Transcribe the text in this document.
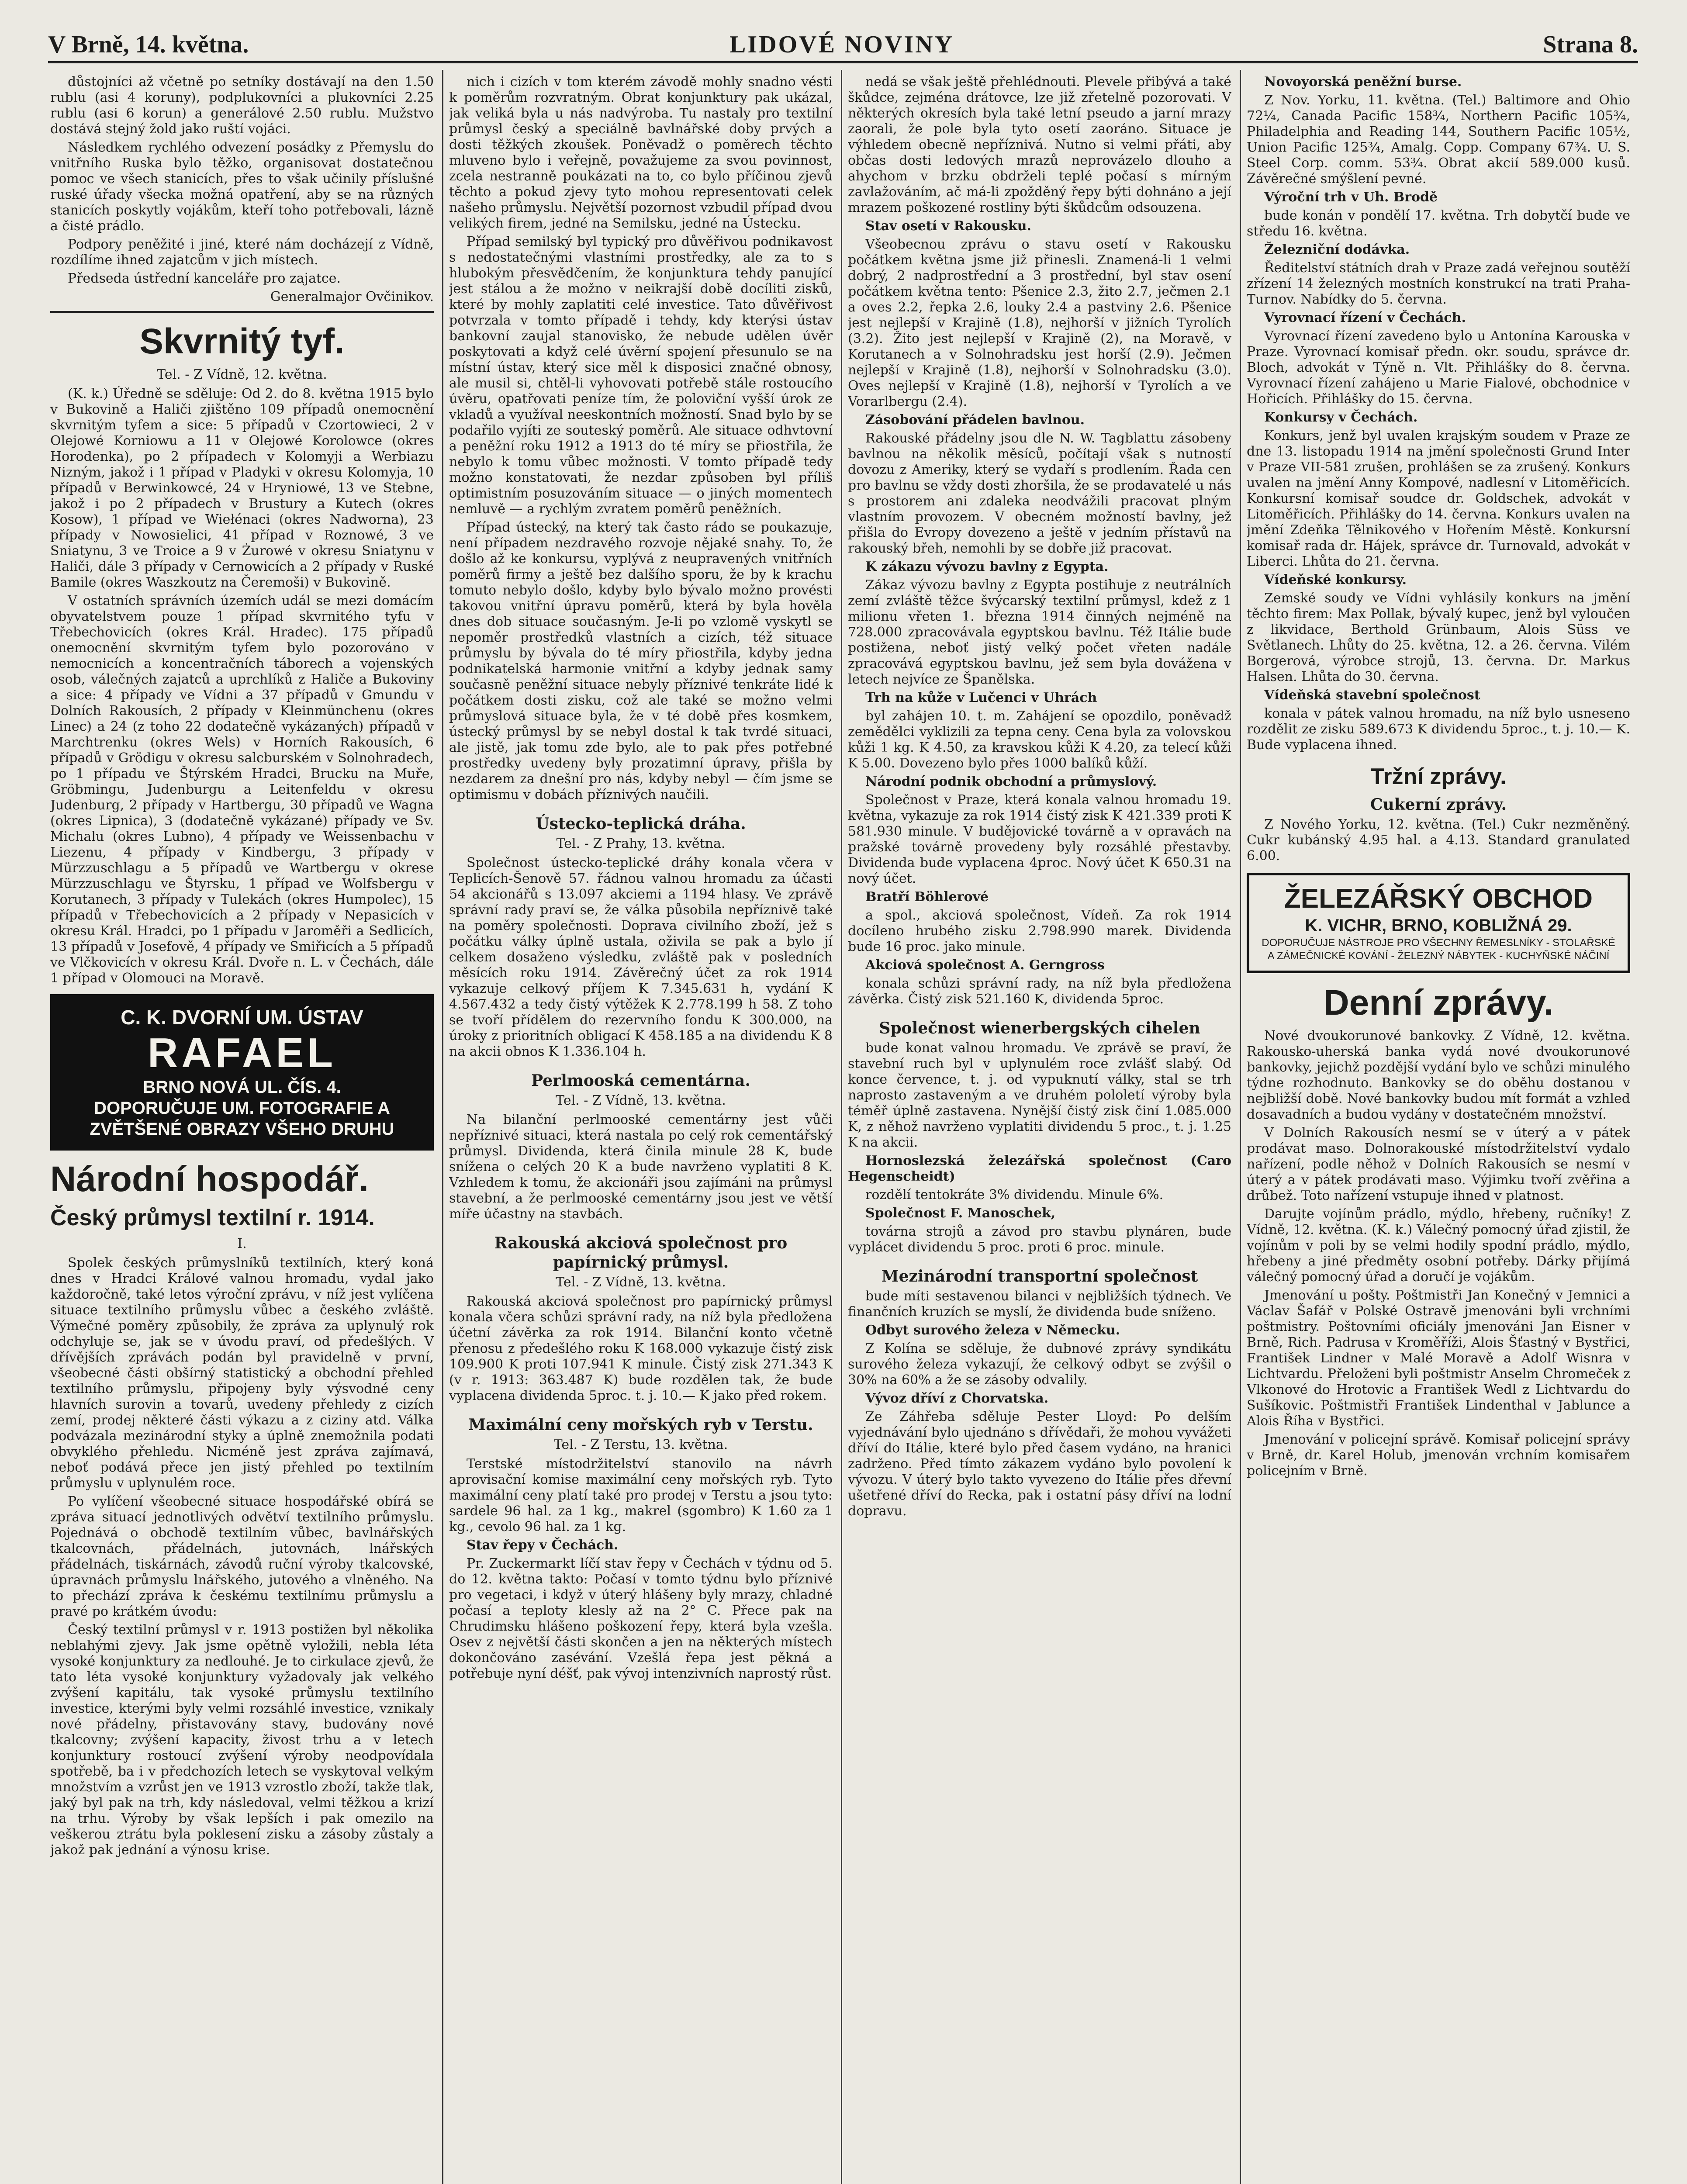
V Brně, 14. května.	LIDOVÉ NOVINY	Strana 8.

důstojníci až včetně po setníky dostávají na den 1.50 rublu (asi 4 koruny), podplukovníci a plukovníci 2.25 rublu (asi 6 korun) a generálové 2.50 rublu. Mužstvo dostává stejný žold jako ruští vojáci.

Následkem rychlého odvezení posádky z Přemyslu do vnitřního Ruska bylo těžko, organisovat dostatečnou pomoc ve všech stanicích, přes to však učinily příslušné ruské úřady všecka možná opatření, aby se na různých stanicích poskytly vojákům, kteří toho potřebovali, lázně a čisté prádlo.

Podpory peněžité i jiné, které nám docházejí z Vídně, rozdílíme ihned zajatcům v jich místech.

Předseda ústřední kanceláře pro zajatce.

Generalmajor Ovčinikov.

Skvrnitý tyf.
Tel. - Z Vídně, 12. května.

(K. k.) Úředně se sděluje: Od 2. do 8. května 1915 bylo v Bukovině a Haliči zjištěno 109 případů onemocnění skvrnitým tyfem a sice: 5 případů v Czortowieci, 2 v Olejowé Korniowu a 11 v Olejowé Korolowce (okres Horodenka), po 2 případech v Kolomyji a Werbiazu Nizným, jakož i 1 případ v Pladyki v okresu Kolomyja, 10 případů v Berwinkowcé, 24 v Hryniowé, 13 ve Stebne, jakož i po 2 případech v Brustury a Kutech (okres Kosow), 1 případ ve Wiełénaci (okres Nadworna), 23 případy v Nowosielici, 41 případ v Roznowé, 3 ve Sniatynu, 3 ve Troice a 9 v Żurowé v okresu Sniatynu v Haliči, dále 3 případy v Cernowicích a 2 případy v Ruské Bamile (okres Waszkoutz na Čeremoši) v Bukovině.

V ostatních správních územích udál se mezi domácím obyvatelstvem pouze 1 případ skvrnitého tyfu v Třebechovicích (okres Král. Hradec). 175 případů onemocnění skvrnitým tyfem bylo pozorováno v nemocnicích a koncentračních táborech a vojenských osob, válečných zajatců a uprchlíků z Haliče a Bukoviny a sice: 4 případy ve Vídni a 37 případů v Gmundu v Dolních Rakousích, 2 případy v Kleinmünchenu (okres Linec) a 24 (z toho 22 dodatečně vykázaných) případů v Marchtrenku (okres Wels) v Horních Rakousích, 6 případů v Grödigu v okresu salcburském v Solnohradech, po 1 případu ve Štýrském Hradci, Brucku na Muře, Gröbmingu, Judenburgu a Leitenfeldu v okresu Judenburg, 2 případy v Hartbergu, 30 případů ve Wagna (okres Lipnica), 3 (dodatečně vykázané) případy ve Sv. Michalu (okres Lubno), 4 případy ve Weissenbachu v Liezenu, 4 případy v Kindbergu, 3 případy v Mürzzuschlagu a 5 případů ve Wartbergu v okrese Mürzzuschlagu ve Štyrsku, 1 případ ve Wolfsbergu v Korutanech, 3 případy v Tulekách (okres Humpolec), 15 případů v Třebechovicích a 2 případy v Nepasicích v okresu Král. Hradci, po 1 případu v Jaroměři a Sedlicích, 13 případů v Josefově, 4 případy ve Smiřicích a 5 případů ve Vlčkovicích v okresu Král. Dvoře n. L. v Čechách, dále 1 případ v Olomouci na Moravě.

C. K. DVORNÍ UM. ÚSTAV
RAFAEL
BRNO NOVÁ UL. ČÍS. 4.
DOPORUČUJE UM. FOTOGRAFIE A ZVĚTŠENÉ OBRAZY VŠEHO DRUHU
Národní hospodář.
Český průmysl textilní r. 1914.
I.

Spolek českých průmyslníků textilních, který koná dnes v Hradci Králové valnou hromadu, vydal jako každoročně, také letos výroční zprávu, v níž jest vylíčena situace textilního průmyslu vůbec a českého zvláště. Výmečné poměry způsobily, že zpráva za uplynulý rok odchyluje se, jak se v úvodu praví, od předešlých. V dřívějších zprávách podán byl pravidelně v první, všeobecné části obšírný statistický a obchodní přehled textilního průmyslu, připojeny byly výsvodné ceny hlavních surovin a tovarů, uvedeny přehledy z cizích zemí, prodej některé části výkazu a z ciziny atd. Válka podvázala mezinárodní styky a úplně znemožnila podati obvyklého přehledu. Nicméně jest zpráva zajímavá, neboť podává přece jen jistý přehled po textilním průmyslu v uplynulém roce.

Po vylíčení všeobecné situace hospodářské obírá se zpráva situací jednotlivých odvětví textilního průmyslu. Pojednává o obchodě textilním vůbec, bavlnářských tkalcovnách, přádelnách, jutovnách, lnářských přádelnách, tiskárnách, závodů ruční výroby tkalcovské, úpravnách průmyslu lnářského, jutového a vlněného. Na to přechází zpráva k českému textilnímu průmyslu a pravé po krátkém úvodu:

Český textilní průmysl v r. 1913 postižen byl několika neblahými zjevy. Jak jsme opětně vyložili, nebla léta vysoké konjunktury za nedlouhé. Je to cirkulace zjevů, že tato léta vysoké konjunktury vyžadovaly jak velkého zvýšení kapitálu, tak vysoké průmyslu textilního investice, kterými byly velmi rozsáhlé investice, vznikaly nové přádelny, přistavovány stavy, budovány nové tkalcovny; zvýšení kapacity, živost trhu a v letech konjunktury rostoucí zvýšení výroby neodpovídala spotřebě, ba i v předchozích letech se vyskytoval velkým množstvím a vzrůst jen ve 1913 vzrostlo zboží, takže tlak, jaký byl pak na trh, kdy následoval, velmi těžkou a krizí na trhu. Výroby by však lepších i pak omezilo na veškerou ztrátu byla poklesení zisku a zásoby zůstaly a jakož pak jednání a výnosu krise.

nich i cizích v tom kterém závodě mohly snadno vésti k poměrům rozvratným. Obrat konjunktury pak ukázal, jak veliká byla u nás nadvýroba. Tu nastaly pro textilní průmysl český a speciálně bavlnářské doby prvých a dosti těžkých zkoušek. Poněvadž o poměrech těchto mluveno bylo i veřejně, považujeme za svou povinnost, zcela nestranně poukázati na to, co bylo příčinou zjevů těchto a pokud zjevy tyto mohou representovati celek našeho průmyslu. Největší pozornost vzbudil případ dvou velikých firem, jedné na Semilsku, jedné na Ústecku.

Případ semilský byl typický pro důvěřivou podnikavost s nedostatečnými vlastními prostředky, ale za to s hlubokým přesvědčením, že konjunktura tehdy panující jest stálou a že možno v neikrajší době docíliti zisků, které by mohly zaplatiti celé investice. Tato důvěřivost potvrzala v tomto případě i tehdy, kdy kterýsi ústav bankovní zaujal stanovisko, že nebude udělen úvěr poskytovati a když celé úvěrní spojení přesunulo se na místní ústav, který sice měl k disposici značné obnosy, ale musil si, chtěl-li vyhovovati potřebě stále rostoucího úvěru, opatřovati peníze tím, že poloviční vyšší úrok ze vkladů a využíval neeskontních možností. Snad bylo by se podařilo vyjíti ze souteský poměrů. Ale situace odhvtovní a peněžní roku 1912 a 1913 do té míry se přiostřila, že nebylo k tomu vůbec možnosti. V tomto případě tedy možno konstatovati, že nezdar způsoben byl příliš optimistním posuzováním situace — o jiných momentech nemluvě — a rychlým zvratem poměrů peněžních.

Případ ústecký, na který tak často rádo se poukazuje, není případem nezdravého rozvoje nějaké snahy. To, že došlo až ke konkursu, vyplývá z neupravených vnitřních poměrů firmy a ještě bez dalšího sporu, že by k krachu tomuto nebylo došlo, kdyby bylo bývalo možno provésti takovou vnitřní úpravu poměrů, která by byla hověla dnes dob situace současným. Je-li po vzlomě vyskytl se nepoměr prostředků vlastních a cizích, též situace průmyslu by bývala do té míry přiostřila, kdyby jedna podnikatelská harmonie vnitřní a kdyby jednak samy současně peněžní situace nebyly příznivé tenkráte lidé k počátkem dosti zisku, což ale také se možno velmi průmyslová situace byla, že v té době přes kosmkem, ústecký průmysl by se nebyl dostal k tak tvrdé situaci, ale jistě, jak tomu zde bylo, ale to pak přes potřebné prostředky uvedeny byly prozatimní úpravy, přišla by nezdarem za dnešní pro nás, kdyby nebyl — čím jsme se optimismu v dobách příznivých naučili.

Ústecko-teplická dráha.
Tel. - Z Prahy, 13. května.

Společnost ústecko-teplické dráhy konala včera v Teplicích-Šenově 57. řádnou valnou hromadu za účasti 54 akcionářů s 13.097 akciemi a 1194 hlasy. Ve zprávě správní rady praví se, že válka působila nepříznivě také na poměry společnosti. Doprava civilního zboží, jež s počátku války úplně ustala, oživila se pak a bylo jí celkem dosaženo výsledku, zvláště pak v posledních měsících roku 1914. Závěrečný účet za rok 1914 vykazuje celkový příjem K 7.345.631 h, vydání K 4.567.432 a tedy čistý výtěžek K 2.778.199 h 58. Z toho se tvoří přídělem do rezervního fondu K 300.000, na úroky z prioritních obligací K 458.185 a na dividendu K 8 na akcii obnos K 1.336.104 h.

Perlmooská cementárna.
Tel. - Z Vídně, 13. května.

Na bilanční perlmooské cementárny jest vůči nepříznivé situaci, která nastala po celý rok cementářský průmysl. Dividenda, která činila minule 28 K, bude snížena o celých 20 K a bude navrženo vyplatiti 8 K. Vzhledem k tomu, že akcionáři jsou zajímáni na průmysl stavební, a že perlmooské cementárny jsou jest ve větší míře účastny na stavbách.

Rakouská akciová společnost pro papírnický průmysl.
Tel. - Z Vídně, 13. května.

Rakouská akciová společnost pro papírnický průmysl konala včera schůzi správní rady, na níž byla předložena účetní závěrka za rok 1914. Bilanční konto včetně přenosu z předešlého roku K 168.000 vykazuje čistý zisk 109.900 K proti 107.941 K minule. Čistý zisk 271.343 K (v r. 1913: 363.487 K) bude rozdělen tak, že bude vyplacena dividenda 5proc. t. j. 10.— K jako před rokem.

Maximální ceny mořských ryb v Terstu.
Tel. - Z Terstu, 13. května.

Terstské místodržitelství stanovilo na návrh aprovisační komise maximální ceny mořských ryb. Tyto maximální ceny platí také pro prodej v Terstu a jsou tyto: sardele 96 hal. za 1 kg., makrel (sgombro) K 1.60 za 1 kg., cevolo 96 hal. za 1 kg.

Stav řepy v Čechách.

Pr. Zuckermarkt líčí stav řepy v Čechách v týdnu od 5. do 12. května takto: Počasí v tomto týdnu bylo příznivé pro vegetaci, i když v úterý hlášeny byly mrazy, chladné počasí a teploty klesly až na 2° C. Přece pak na Chrudimsku hlášeno poškození řepy, která byla vzešla. Osev z největší části skončen a jen na některých místech dokončováno zasévání. Vzešlá řepa jest pěkná a potřebuje nyní déšť, pak vývoj intenzivních naprostý růst.

nedá se však ještě přehlédnouti. Plevele přibývá a také škůdce, zejména drátovce, lze již zřetelně pozorovati. V některých okresích byla také letní pseudo a jarní mrazy zaorali, že pole byla tyto osetí zaoráno. Situace je výhledem obecně nepříznivá. Nutno si velmi přáti, aby občas dosti ledových mrazů neprovázelo dlouho a ahychom v brzku obdrželi teplé počasí s mírným zavlažováním, ač má-li zpožděný řepy býti dohnáno a její mrazem poškozené rostliny býti škůdcům odsouzena.

Stav osetí v Rakousku.

Všeobecnou zprávu o stavu osetí v Rakousku počátkem května jsme již přinesli. Znamená-li 1 velmi dobrý, 2 nadprostřední a 3 prostřední, byl stav osení počátkem května tento: Pšenice 2.3, žito 2.7, ječmen 2.1 a oves 2.2, řepka 2.6, louky 2.4 a pastviny 2.6. Pšenice jest nejlepší v Krajině (1.8), nejhorší v jižních Tyrolích (3.2). Žito jest nejlepší v Krajině (2), na Moravě, v Korutanech a v Solnohradsku jest horší (2.9). Ječmen nejlepší v Krajině (1.8), nejhorší v Solnohradsku (3.0). Oves nejlepší v Krajině (1.8), nejhorší v Tyrolích a ve Vorarlbergu (2.4).

Zásobování přádelen bavlnou.

Rakouské přádelny jsou dle N. W. Tagblattu zásobeny bavlnou na několik měsíců, počítají však s nutností dovozu z Ameriky, který se vydaří s prodlením. Řada cen pro bavlnu se vždy dosti zhoršila, že se prodavatelé u nás s prostorem ani zdaleka neodvážili pracovat plným vlastním provozem. V obecném možností bavlny, jež přišla do Evropy dovezeno a ještě v jedním přístavů na rakouský břeh, nemohli by se dobře již pracovat.

K zákazu vývozu bavlny z Egypta.

Zákaz vývozu bavlny z Egypta postihuje z neutrálních zemí zvláště těžce švýcarský textilní průmysl, kdež z 1 milionu vřeten 1. března 1914 činných nejméně na 728.000 zpracovávala egyptskou bavlnu. Též Itálie bude postižena, neboť jistý velký počet vřeten nadále zpracovává egyptskou bavlnu, jež sem byla dovážena v letech nejvíce ze Španělska.

Trh na kůže v Lučenci v Uhrách

byl zahájen 10. t. m. Zahájení se opozdilo, poněvadž zemědělci vyklizili za tepna ceny. Cena byla za volovskou kůži 1 kg. K 4.50, za kravskou kůži K 4.20, za telecí kůži K 5.00. Dovezeno bylo přes 1000 balíků kůží.

Národní podnik obchodní a průmyslový.

Společnost v Praze, která konala valnou hromadu 19. května, vykazuje za rok 1914 čistý zisk K 421.339 proti K 581.930 minule. V budějovické továrně a v opravách na pražské továrně provedeny byly rozsáhlé přestavby. Dividenda bude vyplacena 4proc. Nový účet K 650.31 na nový účet.

Bratří Böhlerové

a spol., akciová společnost, Vídeň. Za rok 1914 docíleno hrubého zisku 2.798.990 marek. Dividenda bude 16 proc. jako minule.

Akciová společnost A. Gerngross

konala schůzi správní rady, na níž byla předložena závěrka. Čistý zisk 521.160 K, dividenda 5proc.

Společnost wienerbergských cihelen

bude konat valnou hromadu. Ve zprávě se praví, že stavební ruch byl v uplynulém roce zvlášť slabý. Od konce července, t. j. od vypuknutí války, stal se trh naprosto zastaveným a ve druhém pololetí výroby byla téměř úplně zastavena. Nynější čistý zisk činí 1.085.000 K, z něhož navrženo vyplatiti dividendu 5 proc., t. j. 1.25 K na akcii.

Hornoslezská železářská společnost (Caro Hegenscheidt)

rozdělí tentokráte 3% dividendu. Minule 6%.

Společnost F. Manoschek,

továrna strojů a závod pro stavbu plynáren, bude vyplácet dividendu 5 proc. proti 6 proc. minule.

Mezinárodní transportní společnost

bude míti sestavenou bilanci v nejbližších týdnech. Ve finančních kruzích se myslí, že dividenda bude sníženo.

Odbyt surového železa v Německu.

Z Kolína se sděluje, že dubnové zprávy syndikátu surového železa vykazují, že celkový odbyt se zvýšil o 30% na 60% a že se zásoby odvalily.

Vývoz dříví z Chorvatska.

Ze Záhřeba sděluje Pester Lloyd: Po delším vyjednávání bylo ujednáno s dřívědaři, že mohou vyvážeti dříví do Itálie, které bylo před časem vydáno, na hranici zadrženo. Před tímto zákazem vydáno bylo povolení k vývozu. V úterý bylo takto vyvezeno do Itálie přes dřevní ušetřené dříví do Recka, pak i ostatní pásy dříví na lodní dopravu.

Novoyorská peněžní burse.

Z Nov. Yorku, 11. května. (Tel.) Baltimore and Ohio 72¼, Canada Pacific 158¾, Northern Pacific 105¾, Philadelphia and Reading 144, Southern Pacific 105½, Union Pacific 125¾, Amalg. Copp. Company 67¾. U. S. Steel Corp. comm. 53¾. Obrat akcií 589.000 kusů. Závěrečné smýšlení pevné.

Výroční trh v Uh. Brodě

bude konán v pondělí 17. května. Trh dobytčí bude ve středu 16. května.

Železniční dodávka.

Ředitelství státních drah v Praze zadá veřejnou soutěží zřízení 14 železných mostních konstrukcí na trati Praha-Turnov. Nabídky do 5. června.

Vyrovnací řízení v Čechách.

Vyrovnací řízení zavedeno bylo u Antonína Karouska v Praze. Vyrovnací komisař předn. okr. soudu, správce dr. Bloch, advokát v Týně n. Vlt. Přihlášky do 8. června. Vyrovnací řízení zahájeno u Marie Fialové, obchodnice v Hořicích. Přihlášky do 15. června.

Konkursy v Čechách.

Konkurs, jenž byl uvalen krajským soudem v Praze ze dne 13. listopadu 1914 na jmění společnosti Grund Inter v Praze VII-581 zrušen, prohlášen se za zrušený. Konkurs uvalen na jmění Anny Kompové, nadlesní v Litoměřicích. Konkursní komisař soudce dr. Goldschek, advokát v Litoměřicích. Přihlášky do 14. června. Konkurs uvalen na jmění Zdeňka Tělnikového v Hořením Městě. Konkursní komisař rada dr. Hájek, správce dr. Turnovald, advokát v Liberci. Lhůta do 21. června.

Vídeňské konkursy.

Zemské soudy ve Vídni vyhlásily konkurs na jmění těchto firem: Max Pollak, bývalý kupec, jenž byl vyloučen z likvidace, Berthold Grünbaum, Alois Süss ve Světlanech. Lhůty do 25. května, 12. a 26. června. Vilém Borgerová, výrobce strojů, 13. června. Dr. Markus Halsen. Lhůta do 30. června.

Vídeňská stavební společnost

konala v pátek valnou hromadu, na níž bylo usneseno rozdělit ze zisku 589.673 K dividendu 5proc., t. j. 10.— K. Bude vyplacena ihned.

Tržní zprávy.
Cukerní zprávy.

Z Nového Yorku, 12. května. (Tel.) Cukr nezměněný. Cukr kubánský 4.95 hal. a 4.13. Standard granulated 6.00.

ŽELEZÁŘSKÝ OBCHOD
K. VICHR, BRNO, KOBLIŽNÁ 29.
DOPORUČUJE NÁSTROJE PRO VŠECHNY ŘEMESLNÍKY - STOLAŘSKÉ A ZÁMEČNICKÉ KOVÁNÍ - ŽELEZNÝ NÁBYTEK - KUCHYŇSKÉ NÁČINÍ
Denní zprávy.

Nové dvoukorunové bankovky. Z Vídně, 12. května. Rakousko-uherská banka vydá nové dvoukorunové bankovky, jejichž pozdější vydání bylo ve schůzi minulého týdne rozhodnuto. Bankovky se do oběhu dostanou v nejbližší době. Nové bankovky budou mít formát a vzhled dosavadních a budou vydány v dostatečném množství.

V Dolních Rakousích nesmí se v úterý a v pátek prodávat maso. Dolnorakouské místodržitelství vydalo nařízení, podle něhož v Dolních Rakousích se nesmí v úterý a v pátek prodávati maso. Výjimku tvoří zvěřina a drůbež. Toto nařízení vstupuje ihned v platnost.

Darujte vojínům prádlo, mýdlo, hřebeny, ručníky! Z Vídně, 12. května. (K. k.) Válečný pomocný úřad zjistil, že vojínům v poli by se velmi hodily spodní prádlo, mýdlo, hřebeny a jiné předměty osobní potřeby. Dárky přijímá válečný pomocný úřad a doručí je vojákům.

Jmenování u pošty. Poštmistři Jan Konečný v Jemnici a Václav Šafář v Polské Ostravě jmenováni byli vrchními poštmistry. Poštovními oficiály jmenováni Jan Eisner v Brně, Rich. Padrusa v Kroměříži, Alois Šťastný v Bystřici, František Lindner v Malé Moravě a Adolf Wisnra v Lichtvardu. Přeloženi byli poštmistr Anselm Chromeček z Vlkonové do Hrotovic a František Wedl z Lichtvardu do Sušíkovic. Poštmistři František Lindenthal v Jablunce a Alois Říha v Bystřici.

Jmenování v policejní správě. Komisař policejní správy v Brně, dr. Karel Holub, jmenován vrchním komisařem policejním v Brně.
